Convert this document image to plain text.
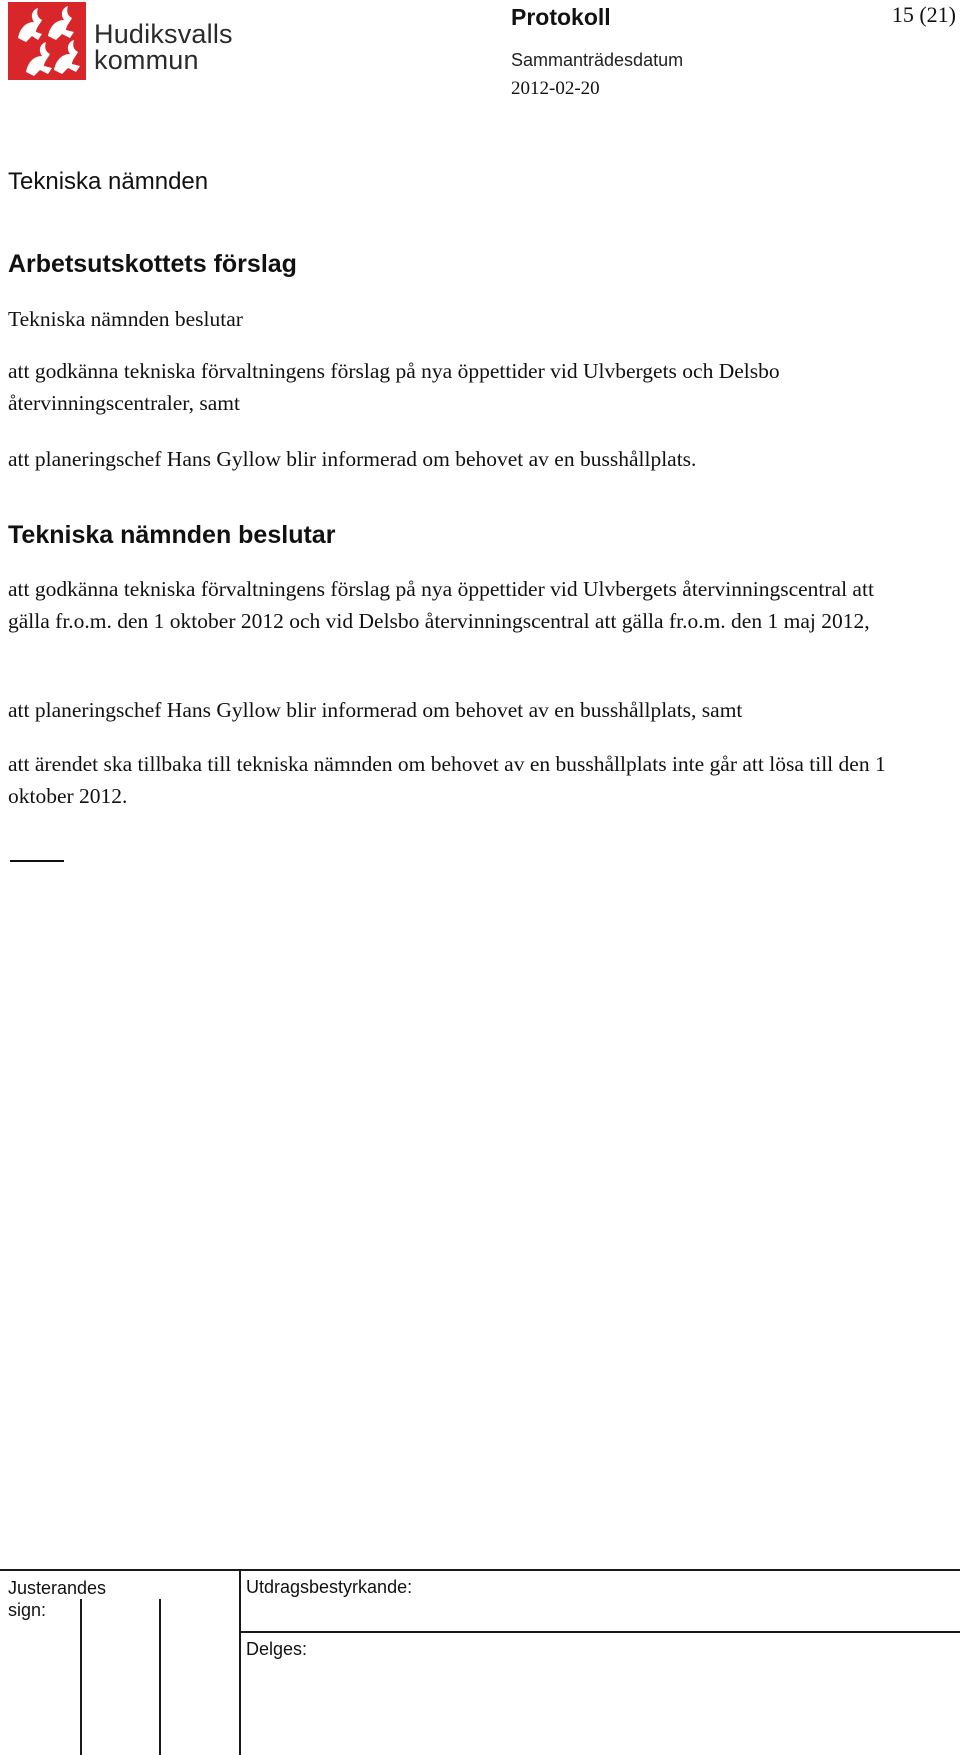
Hudiksvalls
kommun
Protokoll	15 (21)
Sammanträdesdatum
2012-02-20
Tekniska nämnden
Arbetsutskottets förslag
Tekniska nämnden beslutar
att godkänna tekniska förvaltningens förslag på nya öppettider vid Ulvbergets och Delsbo återvinningscentraler, samt
att planeringschef Hans Gyllow blir informerad om behovet av en busshållplats.
Tekniska nämnden beslutar
att godkänna tekniska förvaltningens förslag på nya öppettider vid Ulvbergets återvinningscentral att gälla fr.o.m. den 1 oktober 2012 och vid Delsbo återvinningscentral att gälla fr.o.m. den 1 maj 2012,
att planeringschef Hans Gyllow blir informerad om behovet av en busshållplats, samt
att ärendet ska tillbaka till tekniska nämnden om behovet av en busshållplats inte går att lösa till den 1 oktober 2012.
Justerandes sign:
Utdragsbestyrkande:
Delges:
